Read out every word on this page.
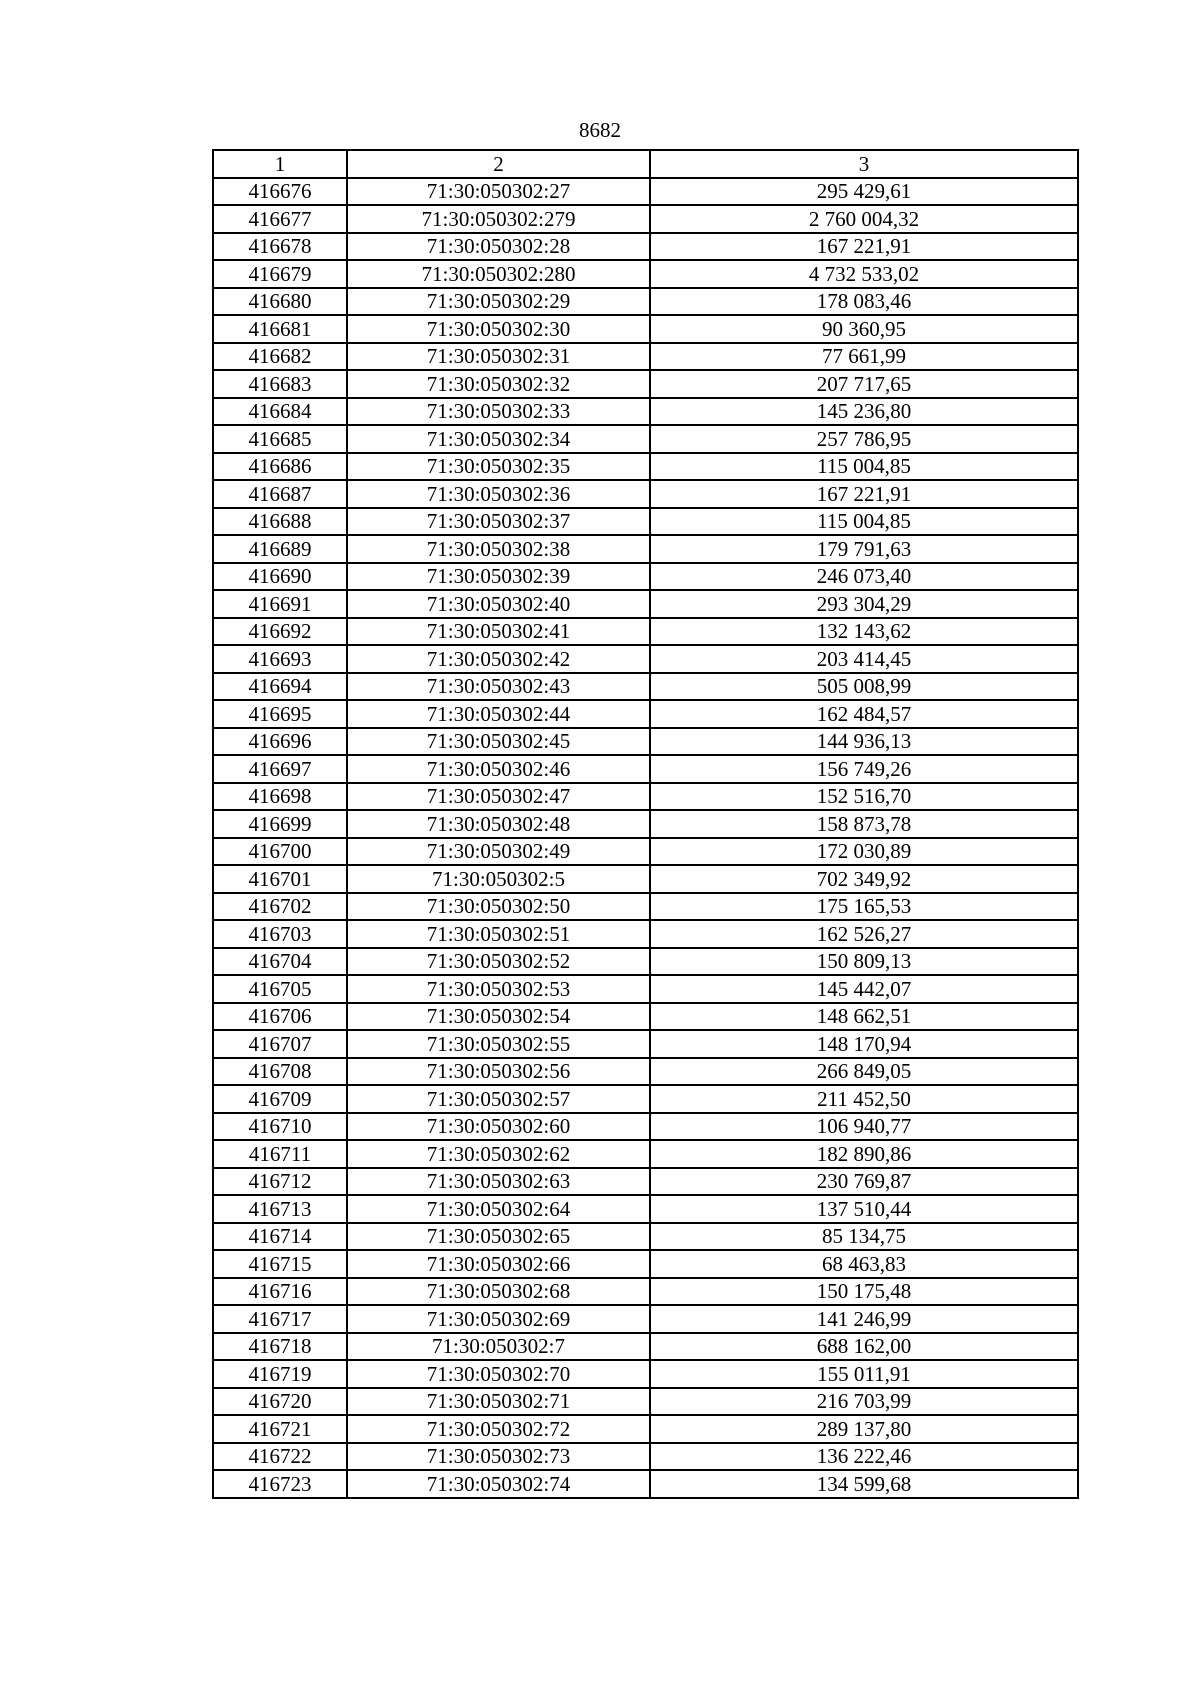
8682
1	2	3
416676	71:30:050302:27	295 429,61
416677	71:30:050302:279	2 760 004,32
416678	71:30:050302:28	167 221,91
416679	71:30:050302:280	4 732 533,02
416680	71:30:050302:29	178 083,46
416681	71:30:050302:30	90 360,95
416682	71:30:050302:31	77 661,99
416683	71:30:050302:32	207 717,65
416684	71:30:050302:33	145 236,80
416685	71:30:050302:34	257 786,95
416686	71:30:050302:35	115 004,85
416687	71:30:050302:36	167 221,91
416688	71:30:050302:37	115 004,85
416689	71:30:050302:38	179 791,63
416690	71:30:050302:39	246 073,40
416691	71:30:050302:40	293 304,29
416692	71:30:050302:41	132 143,62
416693	71:30:050302:42	203 414,45
416694	71:30:050302:43	505 008,99
416695	71:30:050302:44	162 484,57
416696	71:30:050302:45	144 936,13
416697	71:30:050302:46	156 749,26
416698	71:30:050302:47	152 516,70
416699	71:30:050302:48	158 873,78
416700	71:30:050302:49	172 030,89
416701	71:30:050302:5	702 349,92
416702	71:30:050302:50	175 165,53
416703	71:30:050302:51	162 526,27
416704	71:30:050302:52	150 809,13
416705	71:30:050302:53	145 442,07
416706	71:30:050302:54	148 662,51
416707	71:30:050302:55	148 170,94
416708	71:30:050302:56	266 849,05
416709	71:30:050302:57	211 452,50
416710	71:30:050302:60	106 940,77
416711	71:30:050302:62	182 890,86
416712	71:30:050302:63	230 769,87
416713	71:30:050302:64	137 510,44
416714	71:30:050302:65	85 134,75
416715	71:30:050302:66	68 463,83
416716	71:30:050302:68	150 175,48
416717	71:30:050302:69	141 246,99
416718	71:30:050302:7	688 162,00
416719	71:30:050302:70	155 011,91
416720	71:30:050302:71	216 703,99
416721	71:30:050302:72	289 137,80
416722	71:30:050302:73	136 222,46
416723	71:30:050302:74	134 599,68
